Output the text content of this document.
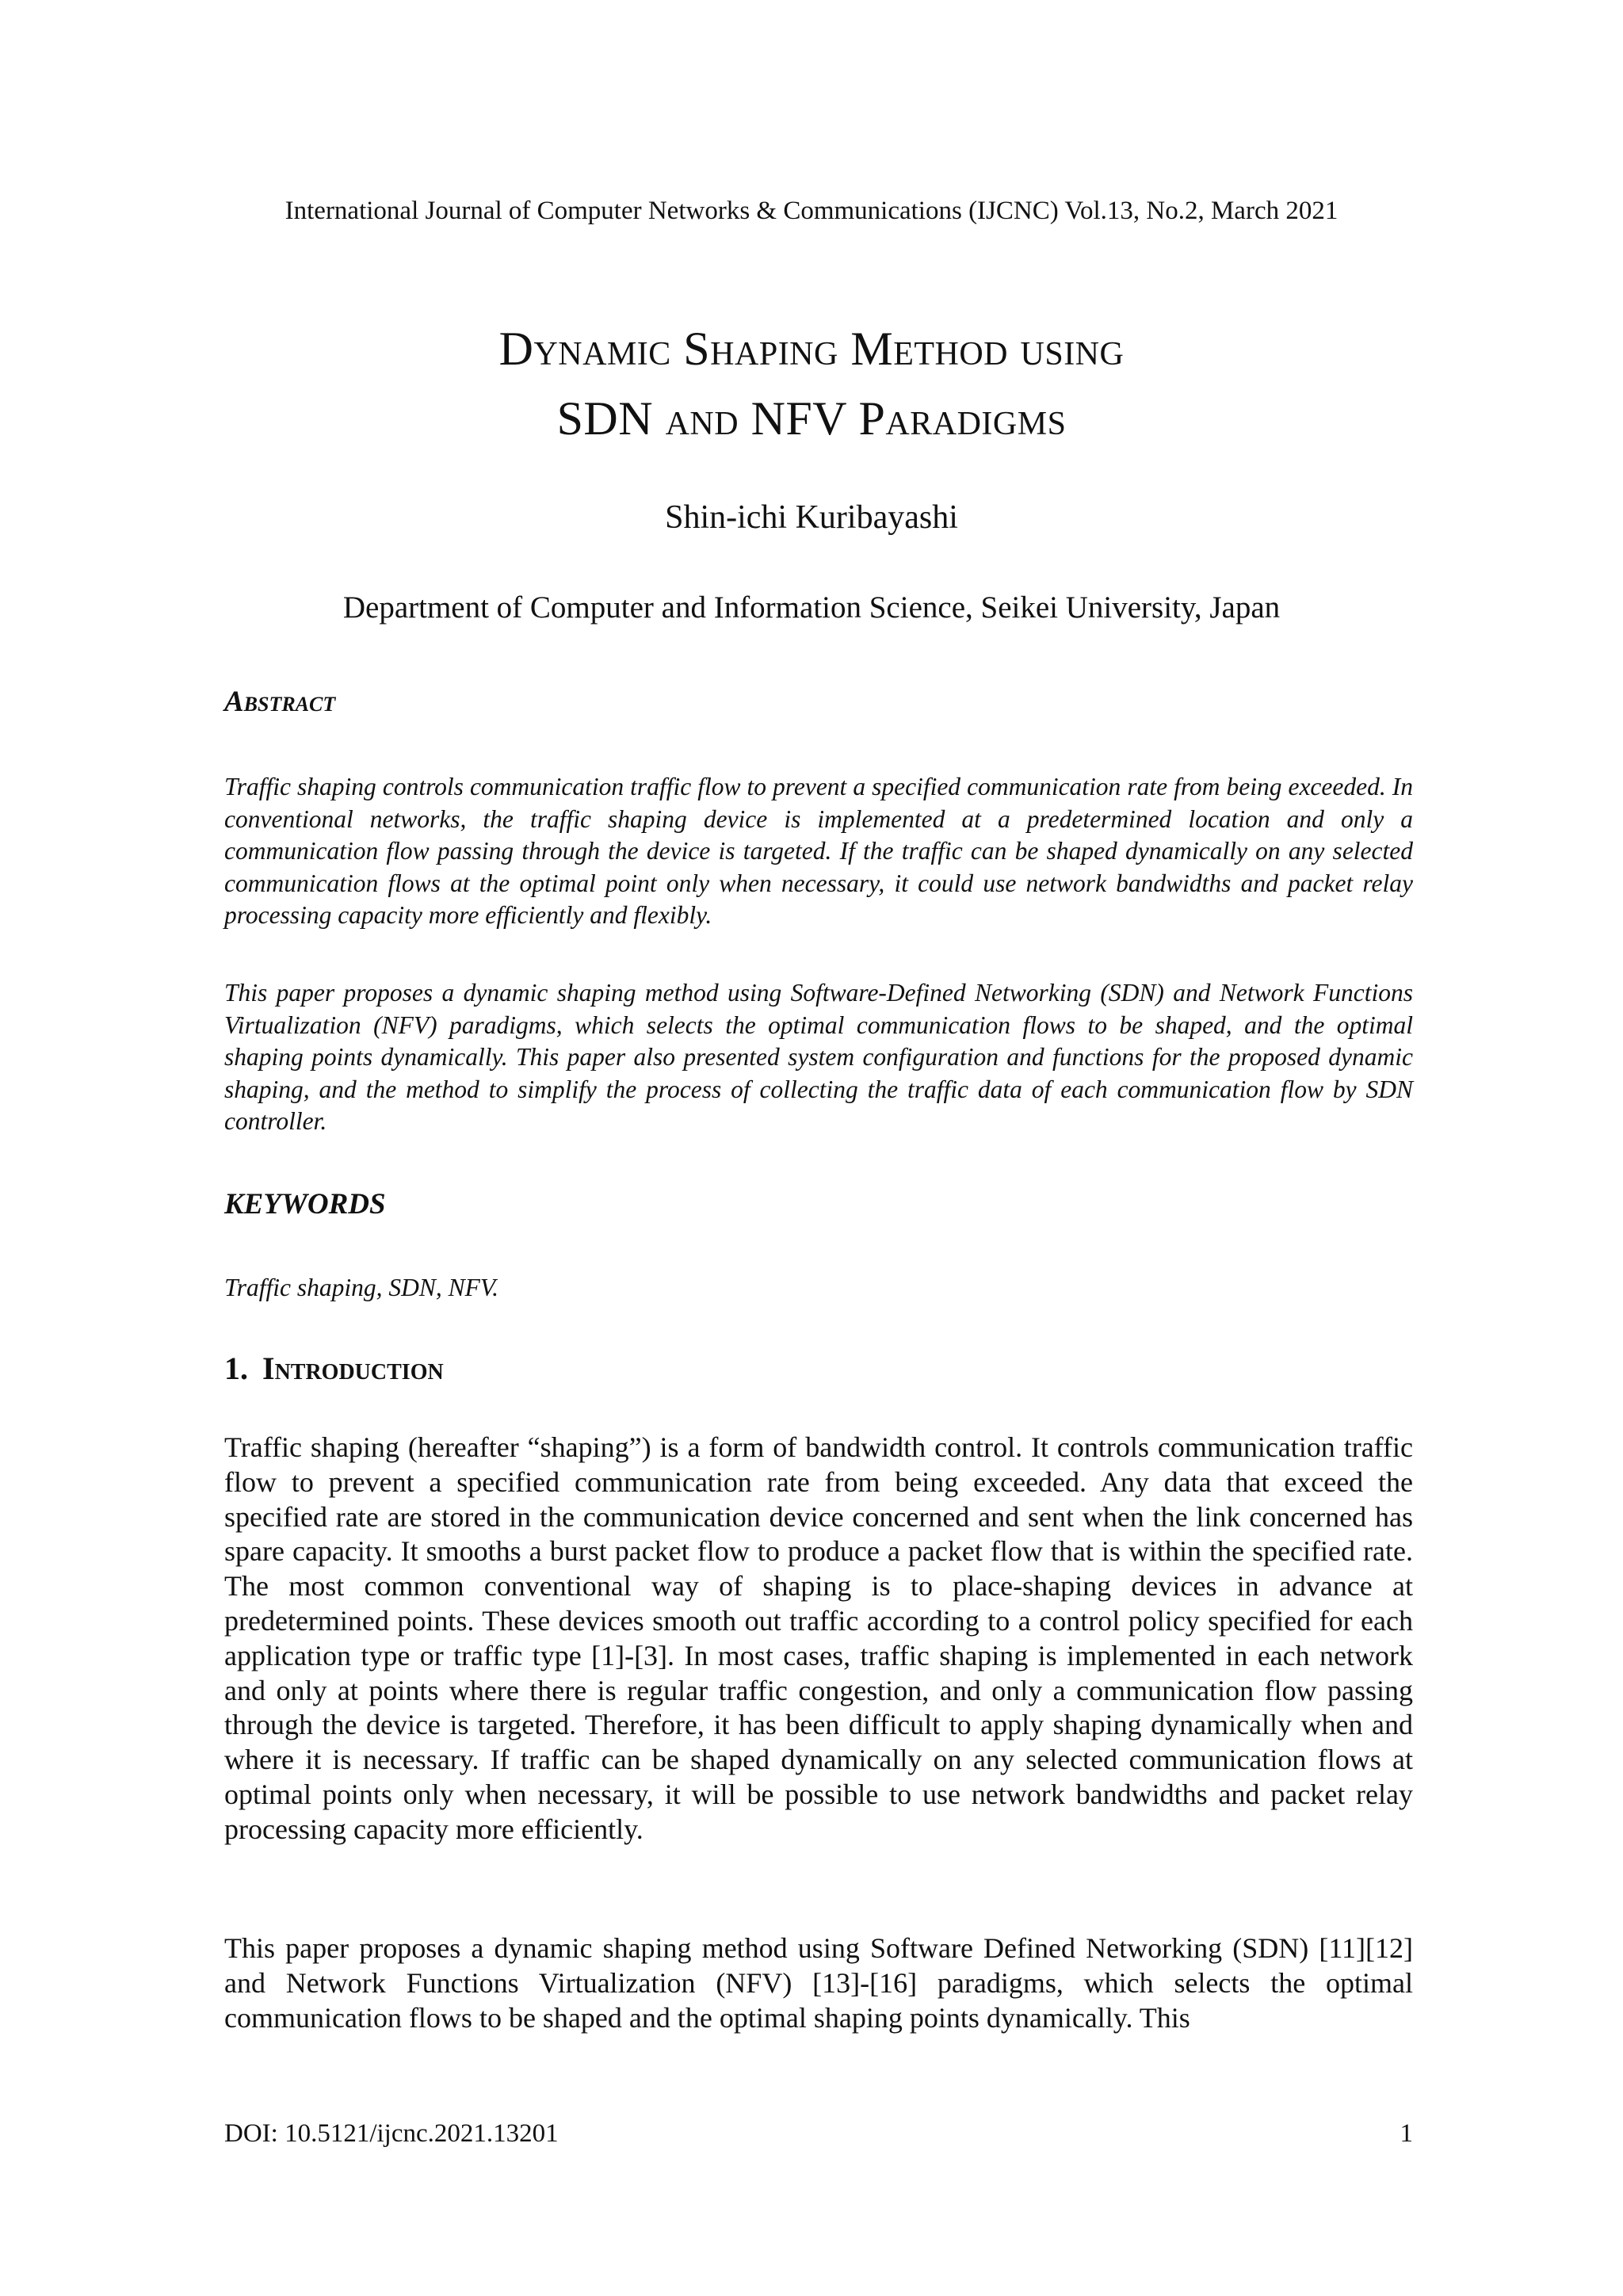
International Journal of Computer Networks & Communications (IJCNC) Vol.13, No.2, March 2021
Dynamic Shaping Method using
SDN and NFV Paradigms
Shin-ichi Kuribayashi
Department of Computer and Information Science, Seikei University, Japan
Abstract
Traffic shaping controls communication traffic flow to prevent a specified communication rate from being exceeded. In conventional networks, the traffic shaping device is implemented at a predetermined location and only a communication flow passing through the device is targeted. If the traffic can be shaped dynamically on any selected communication flows at the optimal point only when necessary, it could use network bandwidths and packet relay processing capacity more efficiently and flexibly.
This paper proposes a dynamic shaping method using Software-Defined Networking (SDN) and Network Functions Virtualization (NFV) paradigms, which selects the optimal communication flows to be shaped, and the optimal shaping points dynamically. This paper also presented system configuration and functions for the proposed dynamic shaping, and the method to simplify the process of collecting the traffic data of each communication flow by SDN controller.
KEYWORDS
Traffic shaping, SDN, NFV.
1. Introduction
Traffic shaping (hereafter “shaping”) is a form of bandwidth control. It controls communication traffic flow to prevent a specified communication rate from being exceeded. Any data that exceed the specified rate are stored in the communication device concerned and sent when the link concerned has spare capacity. It smooths a burst packet flow to produce a packet flow that is within the specified rate. The most common conventional way of shaping is to place-shaping devices in advance at predetermined points. These devices smooth out traffic according to a control policy specified for each application type or traffic type [1]-[3]. In most cases, traffic shaping is implemented in each network and only at points where there is regular traffic congestion, and only a communication flow passing through the device is targeted. Therefore, it has been difficult to apply shaping dynamically when and where it is necessary. If traffic can be shaped dynamically on any selected communication flows at optimal points only when necessary, it will be possible to use network bandwidths and packet relay processing capacity more efficiently.
This paper proposes a dynamic shaping method using Software Defined Networking (SDN) [11][12] and Network Functions Virtualization (NFV) [13]-[16] paradigms, which selects the optimal communication flows to be shaped and the optimal shaping points dynamically. This
DOI: 10.5121/ijcnc.2021.13201	1
